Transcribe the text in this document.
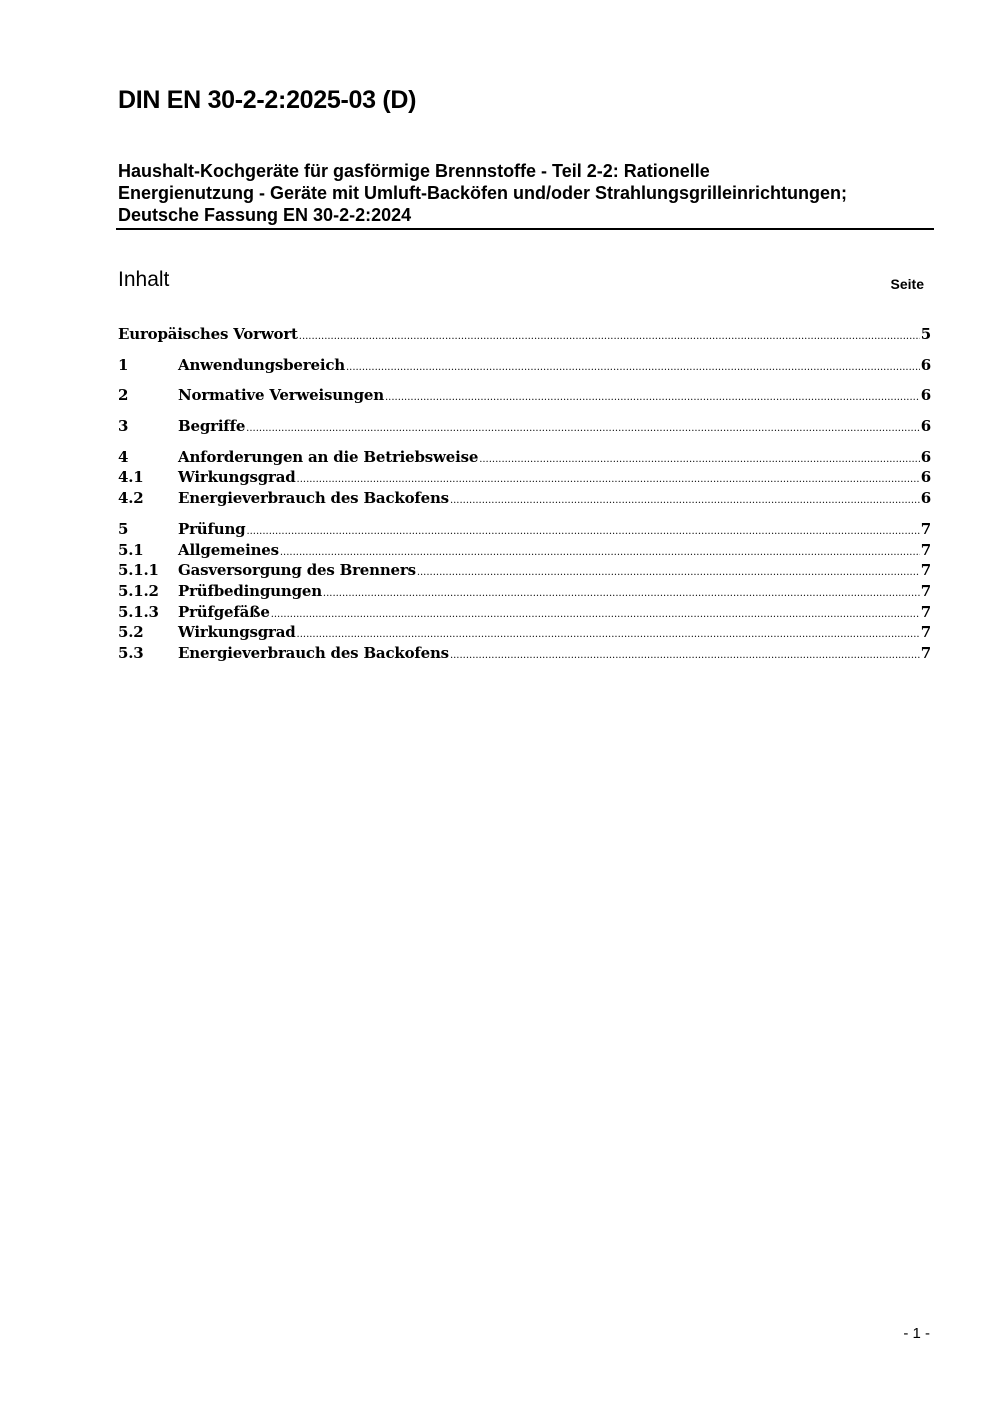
DIN EN 30-2-2:2025-03 (D)
Haushalt-Kochgeräte für gasförmige Brennstoffe - Teil 2-2: Rationelle
Energienutzung - Geräte mit Umluft-Backöfen und/oder Strahlungsgrilleinrichtungen;
Deutsche Fassung EN 30-2-2:2024
Inhalt	Seite
Europäisches Vorwort .....	5
1	Anwendungsbereich .....	6
2	Normative Verweisungen .....	6
3	Begriffe .....	6
4	Anforderungen an die Betriebsweise .....	6
4.1	Wirkungsgrad .....	6
4.2	Energieverbrauch des Backofens .....	6
5	Prüfung .....	7
5.1	Allgemeines .....	7
5.1.1	Gasversorgung des Brenners .....	7
5.1.2	Prüfbedingungen .....	7
5.1.3	Prüfgefäße .....	7
5.2	Wirkungsgrad .....	7
5.3	Energieverbrauch des Backofens .....	7
- 1 -
